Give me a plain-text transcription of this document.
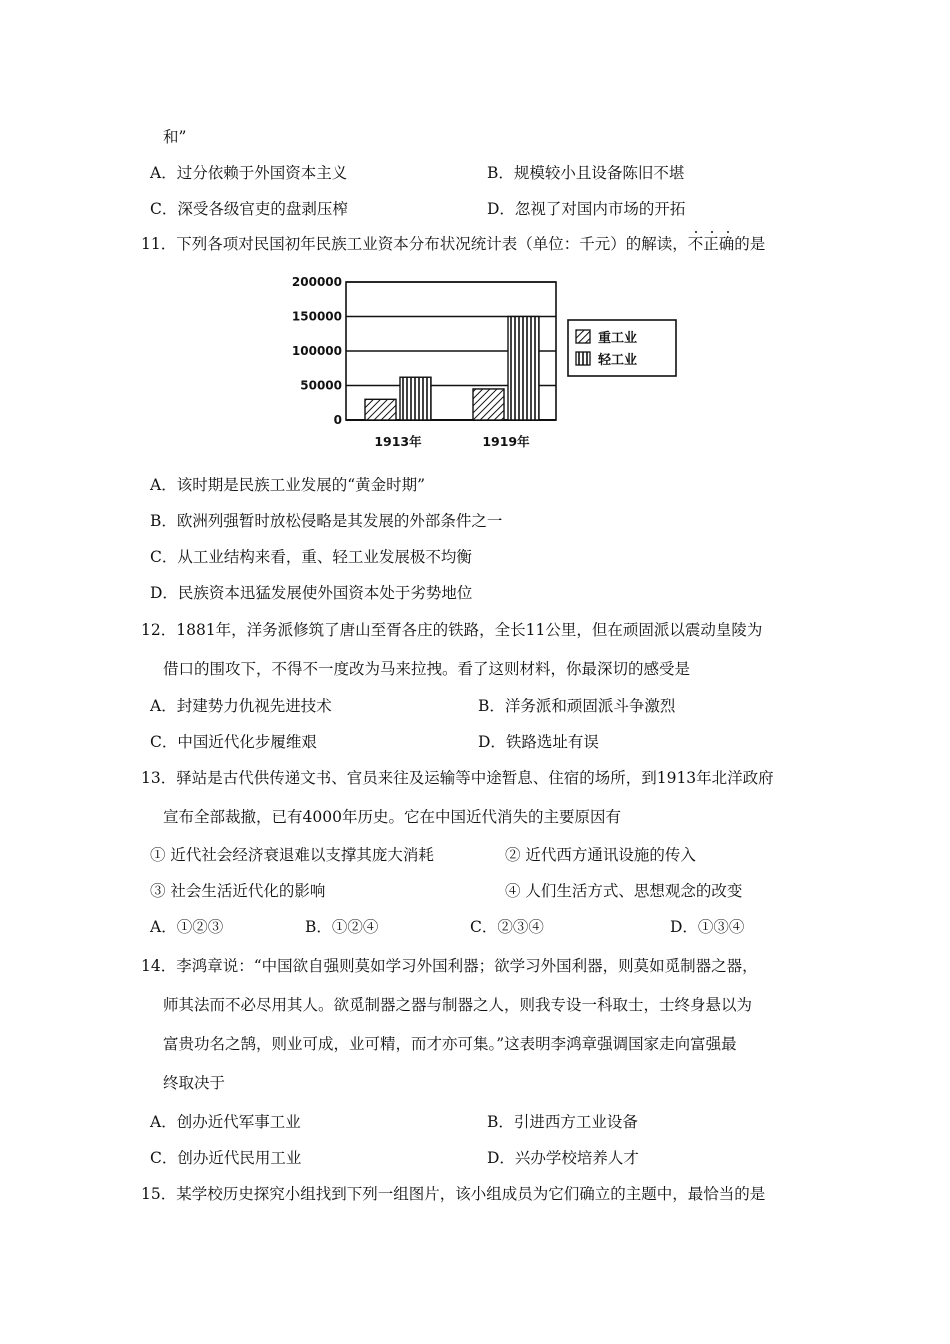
和”
A．过分依赖于外国资本主义	B．规模较小且设备陈旧不堪
C．深受各级官吏的盘剥压榨	D．忽视了对国内市场的开拓
11．下列各项对民国初年民族工业资本分布状况统计表（单位：千元）的解读，
不正确的是
200000
150000
100000
50000
0
1913年	1919年
重工业
轻工业
A．该时期是民族工业发展的“黄金时期”
B．欧洲列强暂时放松侵略是其发展的外部条件之一
C．从工业结构来看，重、轻工业发展极不均衡
D．民族资本迅猛发展使外国资本处于劣势地位
12．1881年，洋务派修筑了唐山至胥各庄的铁路，全长11公里，但在顽固派以震动皇陵为
借口的围攻下，不得不一度改为马来拉拽。看了这则材料，你最深切的感受是
A．封建势力仇视先进技术	B．洋务派和顽固派斗争激烈
C．中国近代化步履维艰	D．铁路选址有误
13．驿站是古代供传递文书、官员来往及运输等中途暂息、住宿的场所，到1913年北洋政府
宣布全部裁撤，已有4000年历史。它在中国近代消失的主要原因有
① 近代社会经济衰退难以支撑其庞大消耗	② 近代西方通讯设施的传入
③ 社会生活近代化的影响	④ 人们生活方式、思想观念的改变
A．①②③	B．①②④	C．②③④	D．①③④
14．李鸿章说：“中国欲自强则莫如学习外国利器；欲学习外国利器，则莫如觅制器之器，
师其法而不必尽用其人。欲觅制器之器与制器之人，则我专设一科取士，士终身悬以为
富贵功名之鹄，则业可成，业可精，而才亦可集。”这表明李鸿章强调国家走向富强最
终取决于
A．创办近代军事工业	B．引进西方工业设备
C．创办近代民用工业	D．兴办学校培养人才
15．某学校历史探究小组找到下列一组图片，该小组成员为它们确立的主题中，最恰当的是
